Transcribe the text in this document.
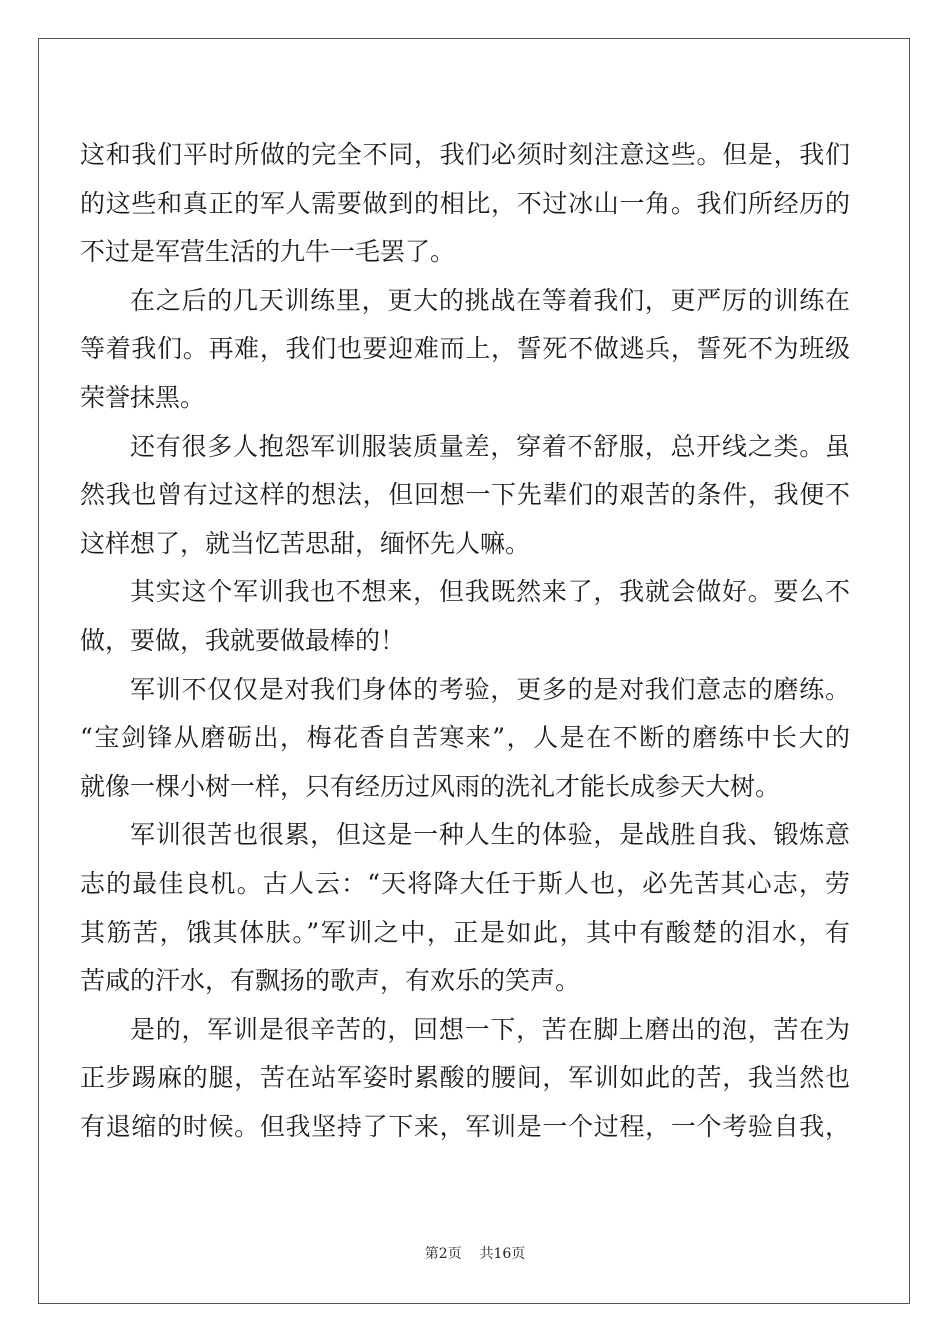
这和我们平时所做的完全不同，我们必须时刻注意这些。但是，我们
的这些和真正的军人需要做到的相比，不过冰山一角。我们所经历的
不过是军营生活的九牛一毛罢了。
在之后的几天训练里，更大的挑战在等着我们，更严厉的训练在
等着我们。再难，我们也要迎难而上，誓死不做逃兵，誓死不为班级
荣誉抹黑。
还有很多人抱怨军训服装质量差，穿着不舒服，总开线之类。虽
然我也曾有过这样的想法，但回想一下先辈们的艰苦的条件，我便不
这样想了，就当忆苦思甜，缅怀先人嘛。
其实这个军训我也不想来，但我既然来了，我就会做好。要么不
做，要做，我就要做最棒的！
军训不仅仅是对我们身体的考验，更多的是对我们意志的磨练。
“宝剑锋从磨砺出，梅花香自苦寒来”，人是在不断的磨练中长大的
就像一棵小树一样，只有经历过风雨的洗礼才能长成参天大树。
军训很苦也很累，但这是一种人生的体验，是战胜自我、锻炼意
志的最佳良机。古人云：“天将降大任于斯人也，必先苦其心志，劳
其筋苦，饿其体肤。”军训之中，正是如此，其中有酸楚的泪水，有
苦咸的汗水，有飘扬的歌声，有欢乐的笑声。
是的，军训是很辛苦的，回想一下，苦在脚上磨出的泡，苦在为
正步踢麻的腿，苦在站军姿时累酸的腰间，军训如此的苦，我当然也
有退缩的时候。但我坚持了下来，军训是一个过程，一个考验自我，
第2页    共16页
